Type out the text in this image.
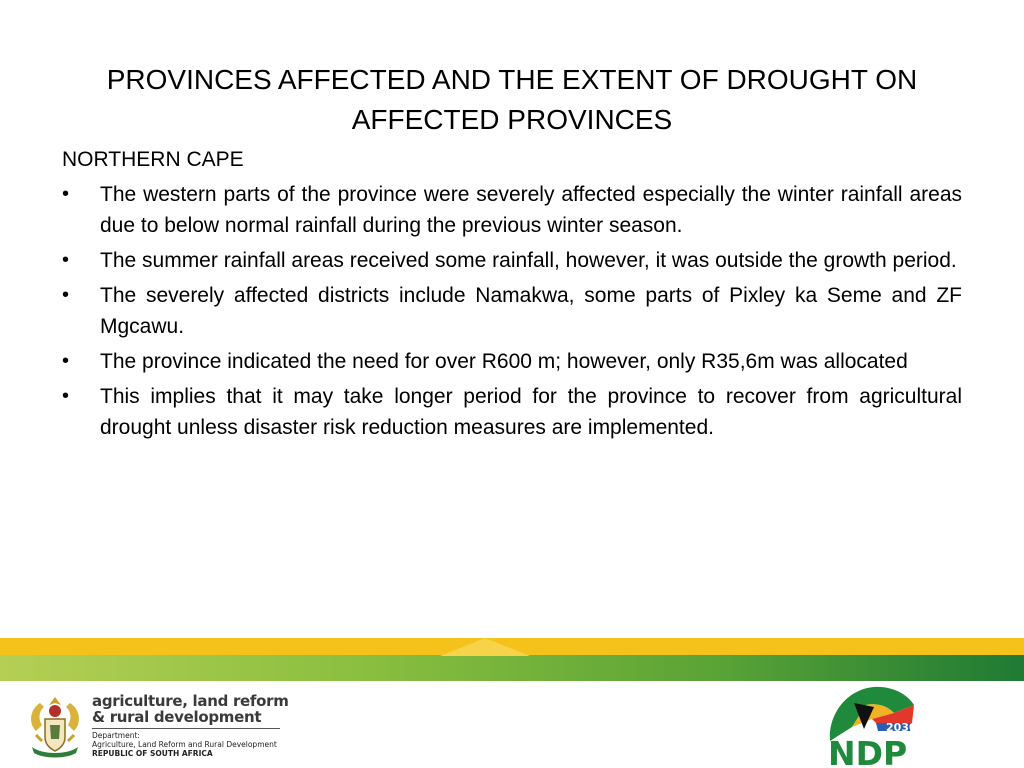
PROVINCES AFFECTED AND THE EXTENT OF DROUGHT ON AFFECTED PROVINCES
NORTHERN CAPE
•	The western parts of the province were severely affected especially the winter rainfall areas due to below normal rainfall during the previous winter season.
•	The summer rainfall areas received some rainfall, however, it was outside the growth period.
•	The severely affected districts include Namakwa, some parts of Pixley ka Seme and ZF Mgcawu.
•	The province indicated the need for over R600 m; however, only R35,6m was allocated
•	This implies that it may take longer period for the province to recover from agricultural drought unless disaster risk reduction measures are implemented.
agriculture, land reform
& rural development
Department:
Agriculture, Land Reform and Rural Development
REPUBLIC OF SOUTH AFRICA
2030
NDP
